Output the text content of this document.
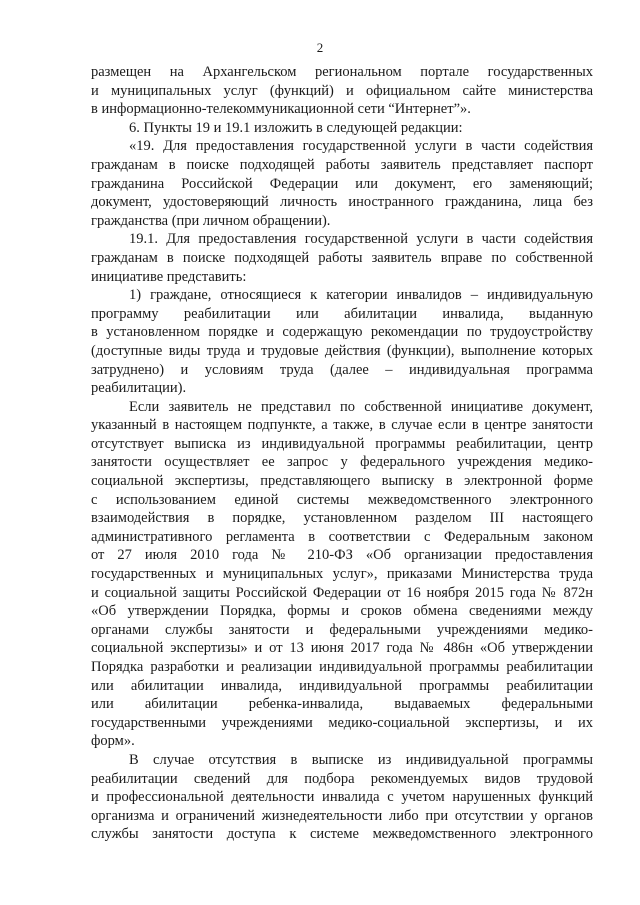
2
размещен на Архангельском региональном портале государственных
и муниципальных услуг (функций) и официальном сайте министерства
в информационно-телекоммуникационной сети “Интернет”».
6. Пункты 19 и 19.1 изложить в следующей редакции:
«19. Для предоставления государственной услуги в части содействия
гражданам в поиске подходящей работы заявитель представляет паспорт
гражданина Российской Федерации или документ, его заменяющий;
документ, удостоверяющий личность иностранного гражданина, лица без
гражданства (при личном обращении).
19.1. Для предоставления государственной услуги в части содействия
гражданам в поиске подходящей работы заявитель вправе по собственной
инициативе представить:
1) граждане, относящиеся к категории инвалидов – индивидуальную
программу реабилитации или абилитации инвалида, выданную
в установленном порядке и содержащую рекомендации по трудоустройству
(доступные виды труда и трудовые действия (функции), выполнение которых
затруднено) и условиям труда (далее – индивидуальная программа
реабилитации).
Если заявитель не представил по собственной инициативе документ,
указанный в настоящем подпункте, а также, в случае если в центре занятости
отсутствует выписка из индивидуальной программы реабилитации, центр
занятости осуществляет ее запрос у федерального учреждения медико-
социальной экспертизы, представляющего выписку в электронной форме
с использованием единой системы межведомственного электронного
взаимодействия в порядке, установленном разделом III настоящего
административного регламента в соответствии с Федеральным законом
от 27 июля 2010 года № 210-ФЗ «Об организации предоставления
государственных и муниципальных услуг», приказами Министерства труда
и социальной защиты Российской Федерации от 16 ноября 2015 года № 872н
«Об утверждении Порядка, формы и сроков обмена сведениями между
органами службы занятости и федеральными учреждениями медико-
социальной экспертизы» и от 13 июня 2017 года № 486н «Об утверждении
Порядка разработки и реализации индивидуальной программы реабилитации
или абилитации инвалида, индивидуальной программы реабилитации
или абилитации ребенка-инвалида, выдаваемых федеральными
государственными учреждениями медико-социальной экспертизы, и их
форм».
В случае отсутствия в выписке из индивидуальной программы
реабилитации сведений для подбора рекомендуемых видов трудовой
и профессиональной деятельности инвалида с учетом нарушенных функций
организма и ограничений жизнедеятельности либо при отсутствии у органов
службы занятости доступа к системе межведомственного электронного
